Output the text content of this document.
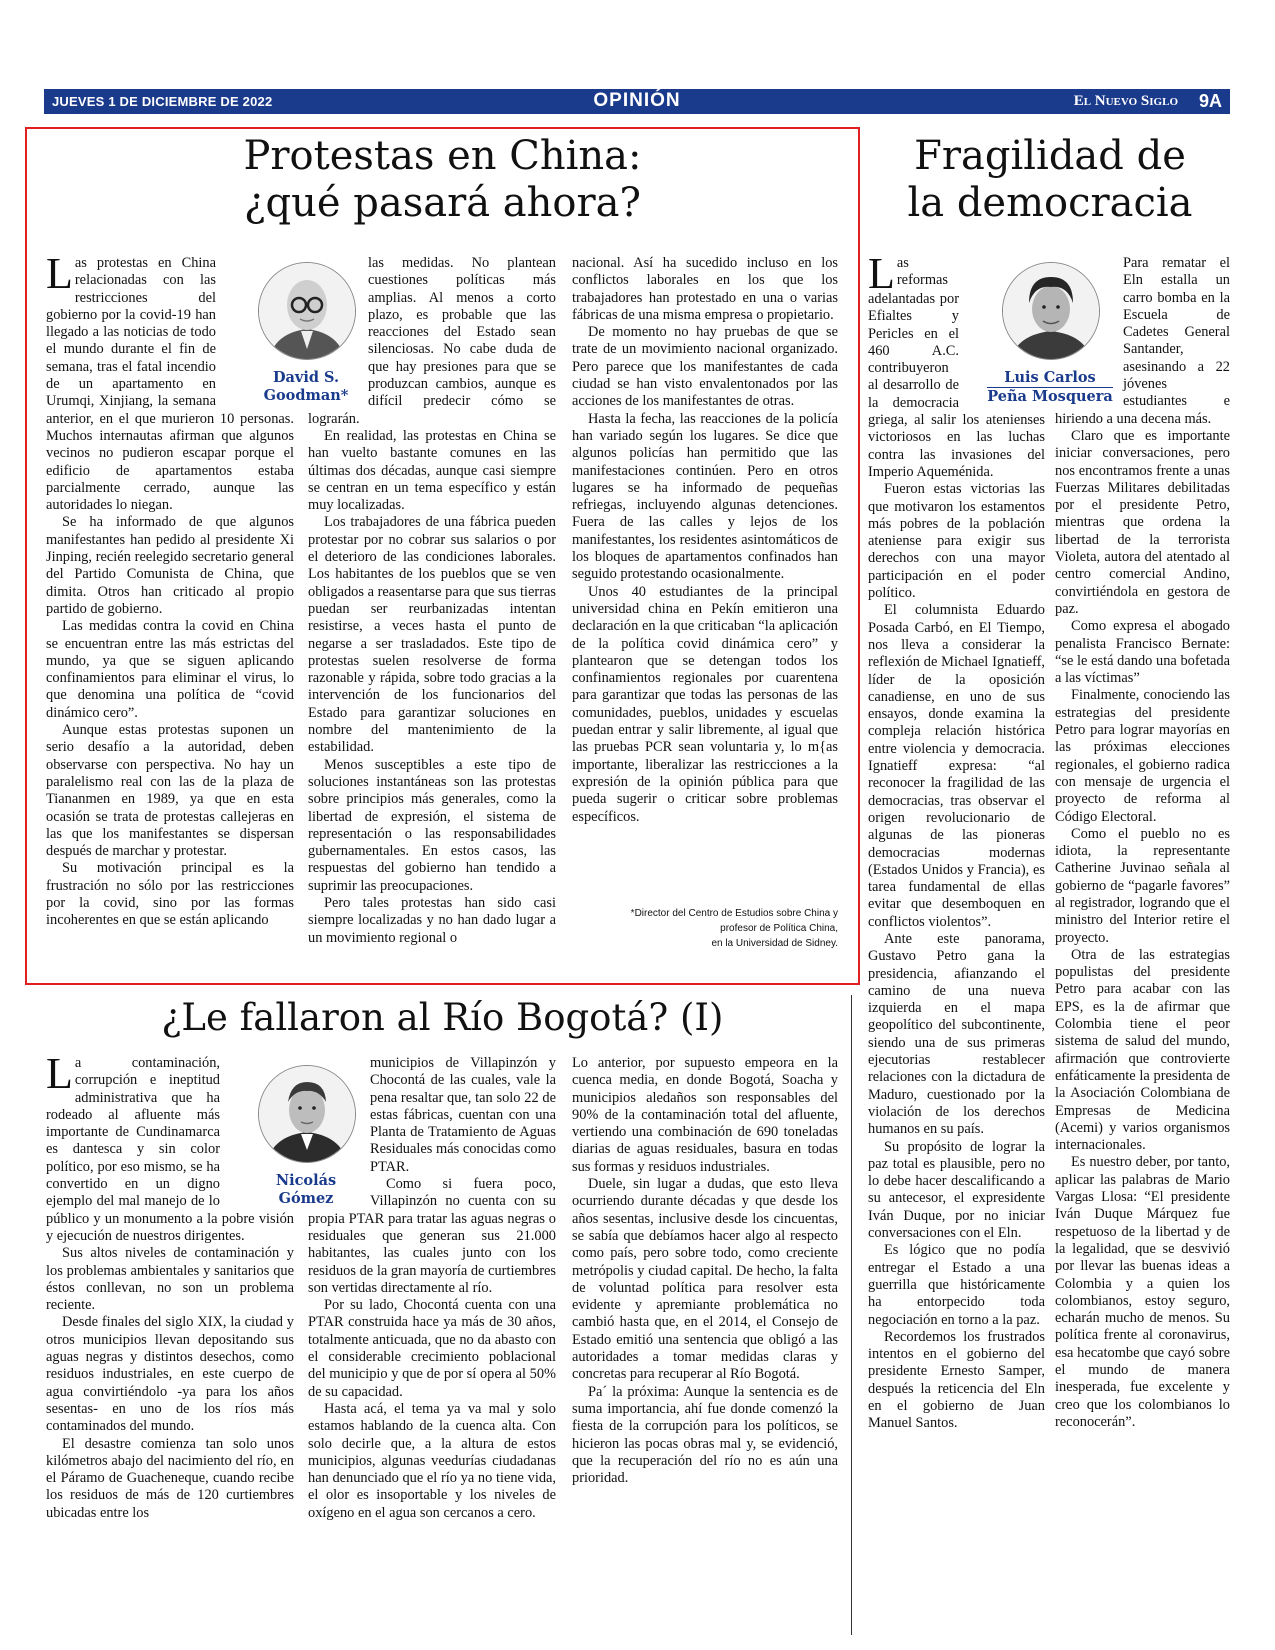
JUEVES 1 DE DICIEMBRE DE 2022	OPINIÓN	El Nuevo Siglo 9A
Protestas en China:
¿qué pasará ahora?
David S.
Goodman*

Las protestas en China relacionadas con las restricciones del gobierno por la covid-19 han llegado a las noticias de todo el mundo durante el fin de semana, tras el fatal incendio de un apartamento en Urumqi, Xinjiang, la semana anterior, en el que murieron 10 personas. Muchos internautas afirman que algunos vecinos no pudieron escapar porque el edificio de apartamentos estaba parcialmente cerrado, aunque las autoridades lo niegan.

Se ha informado de que algunos manifestantes han pedido al presidente Xi Jinping, recién reelegido secretario general del Partido Comunista de China, que dimita. Otros han criticado al propio partido de gobierno.

Las medidas contra la covid en China se encuentran entre las más estrictas del mundo, ya que se siguen aplicando confinamientos para eliminar el virus, lo que denomina una política de “covid dinámico cero”.

Aunque estas protestas suponen un serio desafío a la autoridad, deben observarse con perspectiva. No hay un paralelismo real con las de la plaza de Tiananmen en 1989, ya que en esta ocasión se trata de protestas callejeras en las que los manifestantes se dispersan después de marchar y protestar.

Su motivación principal es la frustración no sólo por las restricciones por la covid, sino por las formas incoherentes en que se están aplicando

las medidas. No plantean cuestiones políticas más amplias. Al menos a corto plazo, es probable que las reacciones del Estado sean silenciosas. No cabe duda de que hay presiones para que se produzcan cambios, aunque es difícil predecir cómo se lograrán.

En realidad, las protestas en China se han vuelto bastante comunes en las últimas dos décadas, aunque casi siempre se centran en un tema específico y están muy localizadas.

Los trabajadores de una fábrica pueden protestar por no cobrar sus salarios o por el deterioro de las condiciones laborales. Los habitantes de los pueblos que se ven obligados a reasentarse para que sus tierras puedan ser reurbanizadas intentan resistirse, a veces hasta el punto de negarse a ser trasladados. Este tipo de protestas suelen resolverse de forma razonable y rápida, sobre todo gracias a la intervención de los funcionarios del Estado para garantizar soluciones en nombre del mantenimiento de la estabilidad.

Menos susceptibles a este tipo de soluciones instantáneas son las protestas sobre principios más generales, como la libertad de expresión, el sistema de representación o las responsabilidades gubernamentales. En estos casos, las respuestas del gobierno han tendido a suprimir las preocupaciones.

Pero tales protestas han sido casi siempre localizadas y no han dado lugar a un movimiento regional o

nacional. Así ha sucedido incluso en los conflictos laborales en los que los trabajadores han protestado en una o varias fábricas de una misma empresa o propietario.

De momento no hay pruebas de que se trate de un movimiento nacional organizado. Pero parece que los manifestantes de cada ciudad se han visto envalentonados por las acciones de los manifestantes de otras.

Hasta la fecha, las reacciones de la policía han variado según los lugares. Se dice que algunos policías han permitido que las manifestaciones continúen. Pero en otros lugares se ha informado de pequeñas refriegas, incluyendo algunas detenciones. Fuera de las calles y lejos de los manifestantes, los residentes asintomáticos de los bloques de apartamentos confinados han seguido protestando ocasionalmente.

Unos 40 estudiantes de la principal universidad china en Pekín emitieron una declaración en la que criticaban “la aplicación de la política covid dinámica cero” y plantearon que se detengan todos los confinamientos regionales por cuarentena para garantizar que todas las personas de las comunidades, pueblos, unidades y escuelas puedan entrar y salir libremente, al igual que las pruebas PCR sean voluntaria y, lo m{as importante, liberalizar las restricciones a la expresión de la opinión pública para que pueda sugerir o criticar sobre problemas específicos.

*Director del Centro de Estudios sobre China y
profesor de Política China,
en la Universidad de Sidney.
¿Le fallaron al Río Bogotá? (I)
Nicolás
Gómez

La contaminación, corrupción e ineptitud administrativa que ha rodeado al afluente más importante de Cundinamarca es dantesca y sin color político, por eso mismo, se ha convertido en un digno ejemplo del mal manejo de lo público y un monumento a la pobre visión y ejecución de nuestros dirigentes.

Sus altos niveles de contaminación y los problemas ambientales y sanitarios que éstos conllevan, no son un problema reciente.

Desde finales del siglo XIX, la ciudad y otros municipios llevan depositando sus aguas negras y distintos desechos, como residuos industriales, en este cuerpo de agua convirtiéndolo -ya para los años sesentas- en uno de los ríos más contaminados del mundo.

El desastre comienza tan solo unos kilómetros abajo del nacimiento del río, en el Páramo de Guacheneque, cuando recibe los residuos de más de 120 curtiembres ubicadas entre los

municipios de Villapinzón y Chocontá de las cuales, vale la pena resaltar que, tan solo 22 de estas fábricas, cuentan con una Planta de Tratamiento de Aguas Residuales más conocidas como PTAR.

Como si fuera poco, Villapinzón no cuenta con su propia PTAR para tratar las aguas negras o residuales que generan sus 21.000 habitantes, las cuales junto con los residuos de la gran mayoría de curtiembres son vertidas directamente al río.

Por su lado, Chocontá cuenta con una PTAR construida hace ya más de 30 años, totalmente anticuada, que no da abasto con el considerable crecimiento poblacional del municipio y que de por sí opera al 50% de su capacidad.

Hasta acá, el tema ya va mal y solo estamos hablando de la cuenca alta. Con solo decirle que, a la altura de estos municipios, algunas veedurías ciudadanas han denunciado que el río ya no tiene vida, el olor es insoportable y los niveles de oxígeno en el agua son cercanos a cero.

Lo anterior, por supuesto empeora en la cuenca media, en donde Bogotá, Soacha y municipios aledaños son responsables del 90% de la contaminación total del afluente, vertiendo una combinación de 690 toneladas diarias de aguas residuales, basura en todas sus formas y residuos industriales.

Duele, sin lugar a dudas, que esto lleva ocurriendo durante décadas y que desde los años sesentas, inclusive desde los cincuentas, se sabía que debíamos hacer algo al respecto como país, pero sobre todo, como creciente metrópolis y ciudad capital. De hecho, la falta de voluntad política para resolver esta evidente y apremiante problemática no cambió hasta que, en el 2014, el Consejo de Estado emitió una sentencia que obligó a las autoridades a tomar medidas claras y concretas para recuperar al Río Bogotá.

Pa´ la próxima: Aunque la sentencia es de suma importancia, ahí fue donde comenzó la fiesta de la corrupción para los políticos, se hicieron las pocas obras mal y, se evidenció, que la recuperación del río no es aún una prioridad.

Fragilidad de
la democracia
Luis Carlos
Peña Mosquera

Las reformas adelantadas por Efialtes y Pericles en el 460 A.C. contribuyeron al desarrollo de la democracia griega, al salir los atenienses victoriosos en las luchas contra las invasiones del Imperio Aqueménida.

Fueron estas victorias las que motivaron los estamentos más pobres de la población ateniense para exigir sus derechos con una mayor participación en el poder político.

El columnista Eduardo Posada Carbó, en El Tiempo, nos lleva a considerar la reflexión de Michael Ignatieff, líder de la oposición canadiense, en uno de sus ensayos, donde examina la compleja relación histórica entre violencia y democracia. Ignatieff expresa: “al reconocer la fragilidad de las democracias, tras observar el origen revolucionario de algunas de las pioneras democracias modernas (Estados Unidos y Francia), es tarea fundamental de ellas evitar que desemboquen en conflictos violentos”.

Ante este panorama, Gustavo Petro gana la presidencia, afianzando el camino de una nueva izquierda en el mapa geopolítico del subcontinente, siendo una de sus primeras ejecutorias restablecer relaciones con la dictadura de Maduro, cuestionado por la violación de los derechos humanos en su país.

Su propósito de lograr la paz total es plausible, pero no lo debe hacer descalificando a su antecesor, el expresidente Iván Duque, por no iniciar conversaciones con el Eln.

Es lógico que no podía entregar el Estado a una guerrilla que históricamente ha entorpecido toda negociación en torno a la paz.

Recordemos los frustrados intentos en el gobierno del presidente Ernesto Samper, después la reticencia del Eln en el gobierno de Juan Manuel Santos.

Para rematar el Eln estalla un carro bomba en la Escuela de Cadetes General Santander, asesinando a 22 jóvenes estudiantes e hiriendo a una decena más.

Claro que es importante iniciar conversaciones, pero nos encontramos frente a unas Fuerzas Militares debilitadas por el presidente Petro, mientras que ordena la libertad de la terrorista Violeta, autora del atentado al centro comercial Andino, convirtiéndola en gestora de paz.

Como expresa el abogado penalista Francisco Bernate: “se le está dando una bofetada a las víctimas”

Finalmente, conociendo las estrategias del presidente Petro para lograr mayorías en las próximas elecciones regionales, el gobierno radica con mensaje de urgencia el proyecto de reforma al Código Electoral.

Como el pueblo no es idiota, la representante Catherine Juvinao señala al gobierno de “pagarle favores” al registrador, logrando que el ministro del Interior retire el proyecto.

Otra de las estrategias populistas del presidente Petro para acabar con las EPS, es la de afirmar que Colombia tiene el peor sistema de salud del mundo, afirmación que controvierte enfáticamente la presidenta de la Asociación Colombiana de Empresas de Medicina (Acemi) y varios organismos internacionales.

Es nuestro deber, por tanto, aplicar las palabras de Mario Vargas Llosa: “El presidente Iván Duque Márquez fue respetuoso de la libertad y de la legalidad, que se desvivió por llevar las buenas ideas a Colombia y a quien los colombianos, estoy seguro, echarán mucho de menos. Su política frente al coronavirus, esa hecatombe que cayó sobre el mundo de manera inesperada, fue excelente y creo que los colombianos lo reconocerán”.
